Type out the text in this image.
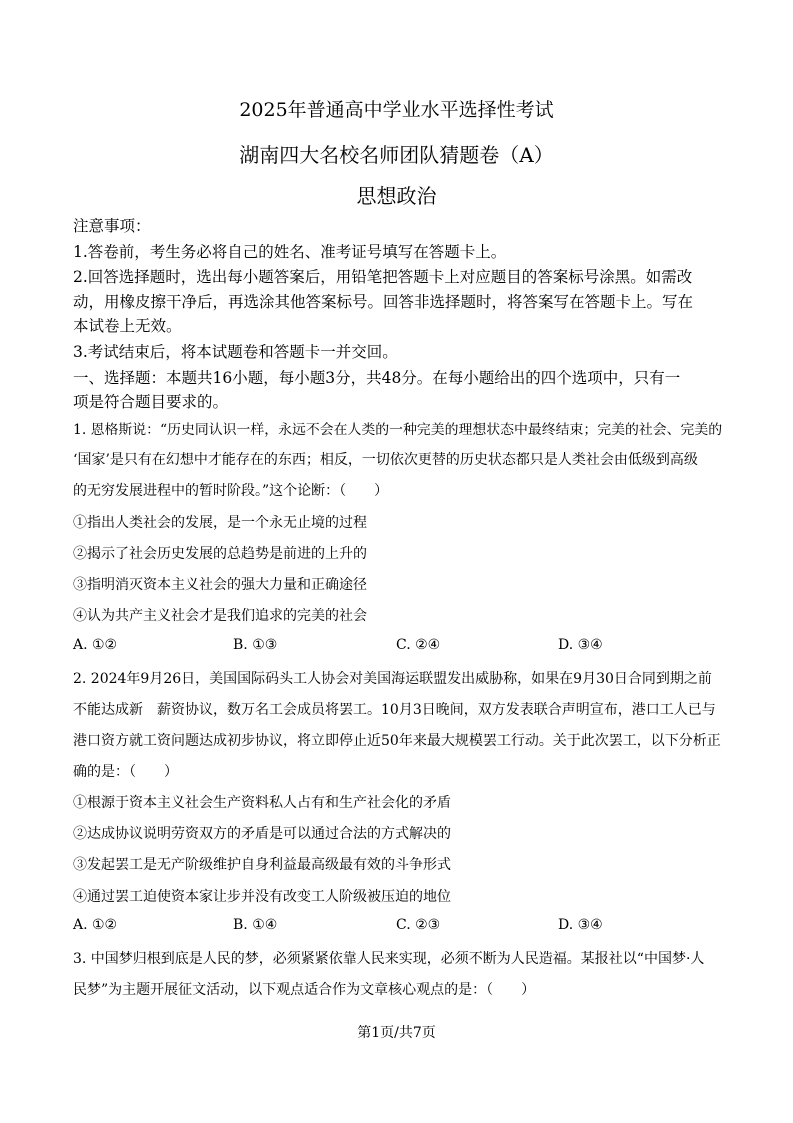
2025年普通高中学业水平选择性考试
湖南四大名校名师团队猜题卷（A）
思想政治
注意事项：
1.答卷前，考生务必将自己的姓名、准考证号填写在答题卡上。
2.回答选择题时，选出每小题答案后，用铅笔把答题卡上对应题目的答案标号涂黑。如需改
动，用橡皮擦干净后，再选涂其他答案标号。回答非选择题时，将答案写在答题卡上。写在
本试卷上无效。
3.考试结束后，将本试题卷和答题卡一并交回。
一、选择题：本题共16小题，每小题3分，共48分。在每小题给出的四个选项中，只有一
项是符合题目要求的。
1. 恩格斯说：“历史同认识一样，永远不会在人类的一种完美的理想状态中最终结束；完美的社会、完美的
‘国家’是只有在幻想中才能存在的东西；相反，一切依次更替的历史状态都只是人类社会由低级到高级
的无穷发展进程中的暂时阶段。”这个论断：（　　）
①指出人类社会的发展，是一个永无止境的过程
②揭示了社会历史发展的总趋势是前进的上升的
③指明消灭资本主义社会的强大力量和正确途径
④认为共产主义社会才是我们追求的完美的社会
A. ①②	B. ①③	C. ②④	D. ③④
2. 2024年9月26日，美国国际码头工人协会对美国海运联盟发出威胁称，如果在9月30日合同到期之前
不能达成新　薪资协议，数万名工会成员将罢工。10月3日晚间，双方发表联合声明宣布，港口工人已与
港口资方就工资问题达成初步协议，将立即停止近50年来最大规模罢工行动。关于此次罢工，以下分析正
确的是：（　　）
①根源于资本主义社会生产资料私人占有和生产社会化的矛盾
②达成协议说明劳资双方的矛盾是可以通过合法的方式解决的
③发起罢工是无产阶级维护自身利益最高级最有效的斗争形式
④通过罢工迫使资本家让步并没有改变工人阶级被压迫的地位
A. ①②	B. ①④	C. ②③	D. ③④
3. 中国梦归根到底是人民的梦，必须紧紧依靠人民来实现，必须不断为人民造福。某报社以“中国梦·人
民梦”为主题开展征文活动，以下观点适合作为文章核心观点的是：（　　）
第1页/共7页
